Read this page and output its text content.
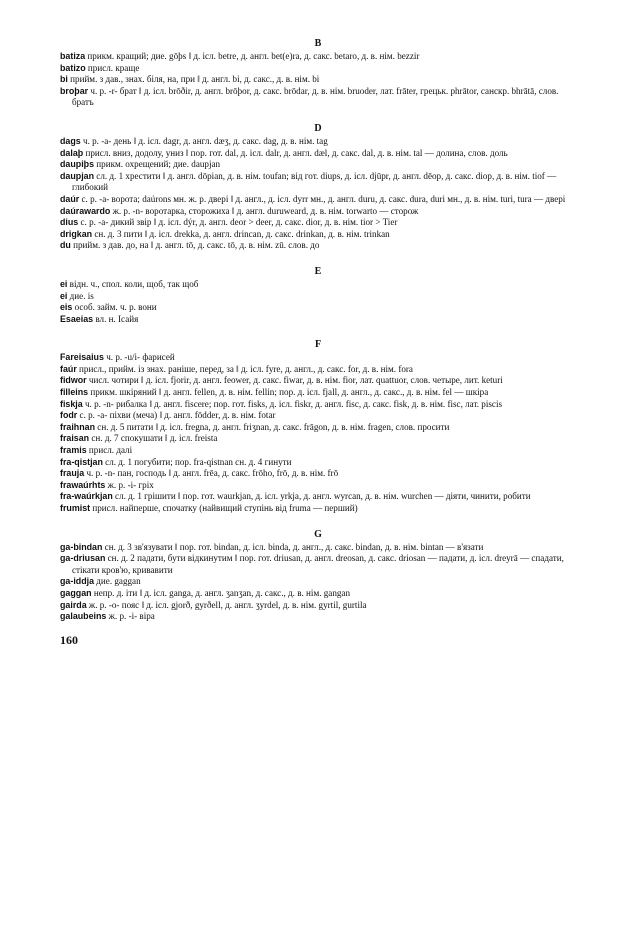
B

batiza прикм. кращий; дие. gōþs ‖ д. ісл. betre, д. англ. bet(e)ra, д. сакс. betaro, д. в. нім. bezzir

batizo присл. краще

bi прийм. з дав., знах. біля, на, при ‖ д. англ. bi, д. сакс., д. в. нім. bi

broþar ч. р. -r- брат ‖ д. ісл. brōðir, д. англ. brōþor, д. сакс. brōdar, д. в. нім. bruoder, лат. frāter, грецьк. phrātor, санскр. bhrātā, слов. братъ

D

dags ч. р. -a- день ‖ д. ісл. dagr, д. англ. dæʒ, д. сакс. dag, д. в. нім. tag

dalaþ присл. вниз, додолу, униз ‖ пор. гот. dal, д. ісл. dalr, д. англ. dæl, д. сакс. dal, д. в. нім. tal — долина, слов. доль

daupiþs прикм. охрещений; дие. daupjan

daupjan сл. д. 1 хрестити ‖ д. англ. dōpian, д. в. нім. toufan; від гот. diups, д. ісл. djūpr, д. англ. dēop, д. сакс. diop, д. в. нім. tiof — глибокий

daúr с. р. -a- ворота; daúrons мн. ж. р. двері ‖ д. англ., д. ісл. dyrr мн., д. англ. duru, д. сакс. dura, duri мн., д. в. нім. turi, tura — двері

daúrawardo ж. р. -n- воротарка, сторожиха ‖ д. англ. duruweard, д. в. нім. torwarto — сторож

dius с. р. -a- дикий звір ‖ д. ісл. dýr, д. англ. deor > deer, д. сакс. dior, д. в. нім. tior > Tier

drigkan сн. д. 3 пити ‖ д. ісл. drekka, д. англ. drincan, д. сакс. drinkan, д. в. нім. trinkan

du прийм. з дав. до, на ‖ д. англ. tō, д. сакс. tō, д. в. нім. zū. слов. до

E

ei відн. ч., спол. коли, щоб, так щоб

ei дие. is

eis особ. займ. ч. р. вони

Esaeias вл. н. Ісайя

F

Fareisaius ч. р. -u/i- фарисей

faúr присл., прийм. із знах. раніше, перед, за ‖ д. ісл. fyre, д. англ., д. сакс. for, д. в. нім. fora

fidwor числ. чотири ‖ д. ісл. fjorir, д. англ. feower, д. сакс. fiwar, д. в. нім. fior, лат. quattuor, слов. четыре, лит. keturi

filleins прикм. шкіряний ‖ д. англ. fellen, д. в. нім. fellin; пор. д. ісл. fjall, д. англ., д. сакс., д. в. нім. fel — шкіра

fiskja ч. р. -n- рибалка ‖ д. англ. fiscere; пор. гот. fisks, д. ісл. fiskr, д. англ. fisc, д. сакс. fisk, д. в. нім. fisc, лат. piscis

fodr с. р. -a- піхви (меча) ‖ д. англ. fōdder, д. в. нім. fotar

fraihnan сн. д. 5 питати ‖ д. ісл. fregna, д. англ. friʒnan, д. сакс. frāgon, д. в. нім. fragen, слов. просити

fraisan сн. д. 7 спокушати ‖ д. ісл. freista

framis присл. далі

fra-qistjan сл. д. 1 погубити; пор. fra-qistnan сн. д. 4 гинути

frauja ч. р. -n- пан, господь ‖ д. англ. frēa, д. сакс. frōho, frō, д. в. нім. frō

frawaúrhts ж. р. -i- гріх

fra-waúrkjan сл. д. 1 грішити ‖ пор. гот. waurkjan, д. ісл. yrkja, д. англ. wyrcan, д. в. нім. wurchen — діяти, чинити, робити

frumist присл. найперше, спочатку (найвищий ступінь від fruma — перший)

G

ga-bindan сн. д. 3 зв'язувати ‖ пор. гот. bindan, д. ісл. binda, д. англ., д. сакс. bindan, д. в. нім. bintan — в'язати

ga-driusan сн. д. 2 падати, бути відкинутим ‖ пор. гот. driusan, д. англ. dreosan, д. сакс. driosan — падати, д. ісл. dreyrā — спадати, стікати кров'ю, кривавити

ga-iddja дие. gaggan

gaggan непр. д. іти ‖ д. ісл. ganga, д. англ. ʒanʒan, д. сакс., д. в. нім. gangan

gairda ж. р. -o- пояс ‖ д. ісл. gjorð, gyrðell, д. англ. ʒyrdel, д. в. нім. gyrtil, gurtila

galaubeins ж. р. -i- віра

160
